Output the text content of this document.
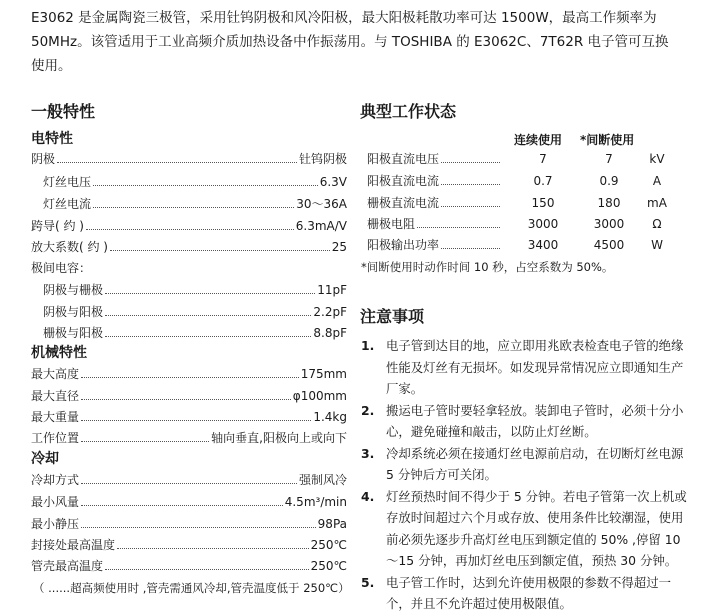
E3062 是金属陶瓷三极管，采用钍钨阴极和风冷阳极，最大阳极耗散功率可达 1500W，最高工作频率为 50MHz。该管适用于工业高频介质加热设备中作振荡用。与 TOSHIBA 的 E3062C、7T62R 电子管可互换使用。
一般特性
电特性
阴极	钍钨阴极
灯丝电压	6.3V
灯丝电流	30～36A
跨导( 约 )	6.3mA/V
放大系数( 约 )	25
极间电容：
阴极与栅极	11pF
阴极与阳极	2.2pF
栅极与阳极	8.8pF
机械特性
最大高度	175mm
最大直径	φ100mm
最大重量	1.4kg
工作位置	轴向垂直,阳极向上或向下
冷却
冷却方式	强制风冷
最小风量	4.5m³/min
最小静压	98Pa
封接处最高温度	250℃
管壳最高温度	250℃
（ ......超高频使用时 ,管壳需通风冷却,管壳温度低于 250℃）
典型工作状态
连续使用 *间断使用
阳极直流电压	7	7	kV
阳极直流电流	0.7	0.9	A
栅极直流电流	150	180	mA
栅极电阻	3000	3000	Ω
阳极输出功率	3400	4500	W
*间断使用时动作时间 10 秒，占空系数为 50%。
注意事项
1. 电子管到达目的地，应立即用兆欧表检查电子管的绝缘性能及灯丝有无损坏。如发现异常情况应立即通知生产厂家。
2. 搬运电子管时要轻拿轻放。装卸电子管时，必须十分小心，避免碰撞和敲击，以防止灯丝断。
3. 冷却系统必须在接通灯丝电源前启动，在切断灯丝电源 5 分钟后方可关闭。
4. 灯丝预热时间不得少于 5 分钟。若电子管第一次上机或存放时间超过六个月或存放、使用条件比较潮湿，使用前必须先逐步升高灯丝电压到额定值的 50% ,停留 10～15 分钟，再加灯丝电压到额定值，预热 30 分钟。
5. 电子管工作时，达到允许使用极限的参数不得超过一个，并且不允许超过使用极限值。
